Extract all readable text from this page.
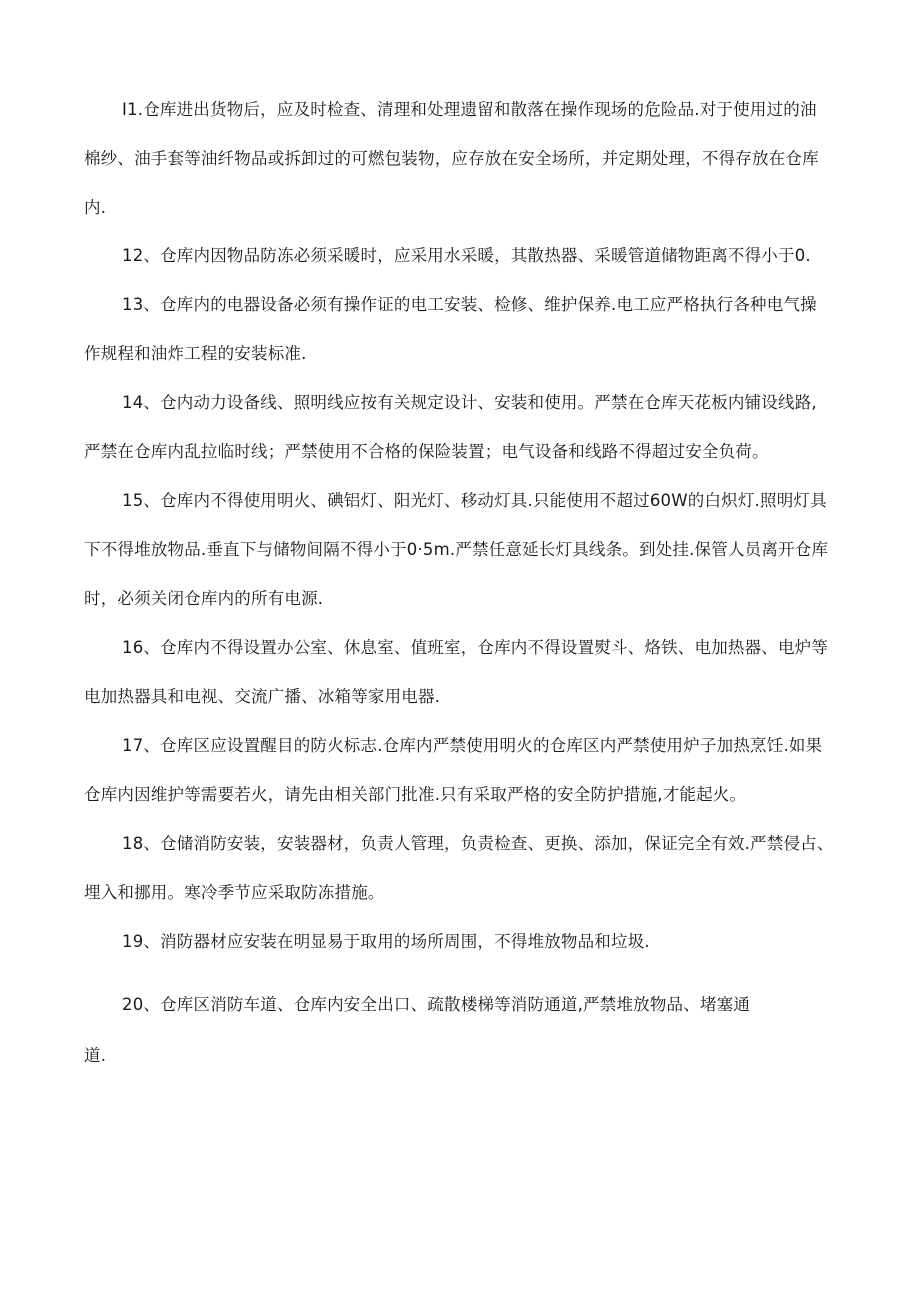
I1.仓库进出货物后，应及时检查、清理和处理遗留和散落在操作现场的危险品.对于使用过的油

棉纱、油手套等油纤物品或拆卸过的可燃包装物，应存放在安全场所，并定期处理，不得存放在仓库

内.

12、仓库内因物品防冻必须采暖时，应采用水采暖，其散热器、采暖管道储物距离不得小于0.

13、仓库内的电器设备必须有操作证的电工安装、检修、维护保养.电工应严格执行各种电气操

作规程和油炸工程的安装标准.

14、仓内动力设备线、照明线应按有关规定设计、安装和使用。严禁在仓库天花板内铺设线路,

严禁在仓库内乱拉临时线；严禁使用不合格的保险装置；电气设备和线路不得超过安全负荷。

15、仓库内不得使用明火、碘铝灯、阳光灯、移动灯具.只能使用不超过60W的白炽灯.照明灯具

下不得堆放物品.垂直下与储物间隔不得小于0·5m.严禁任意延长灯具线条。到处挂.保管人员离开仓库

时，必须关闭仓库内的所有电源.

16、仓库内不得设置办公室、休息室、值班室，仓库内不得设置熨斗、烙铁、电加热器、电炉等

电加热器具和电视、交流广播、冰箱等家用电器.

17、仓库区应设置醒目的防火标志.仓库内严禁使用明火的仓库区内严禁使用炉子加热烹饪.如果

仓库内因维护等需要若火，请先由相关部门批准.只有采取严格的安全防护措施,才能起火。

18、仓储消防安装，安装器材，负责人管理，负责检查、更换、添加，保证完全有效.严禁侵占、

埋入和挪用。寒冷季节应采取防冻措施。

19、消防器材应安装在明显易于取用的场所周围，不得堆放物品和垃圾.

20、仓库区消防车道、仓库内安全出口、疏散楼梯等消防通道,严禁堆放物品、堵塞通

道.
